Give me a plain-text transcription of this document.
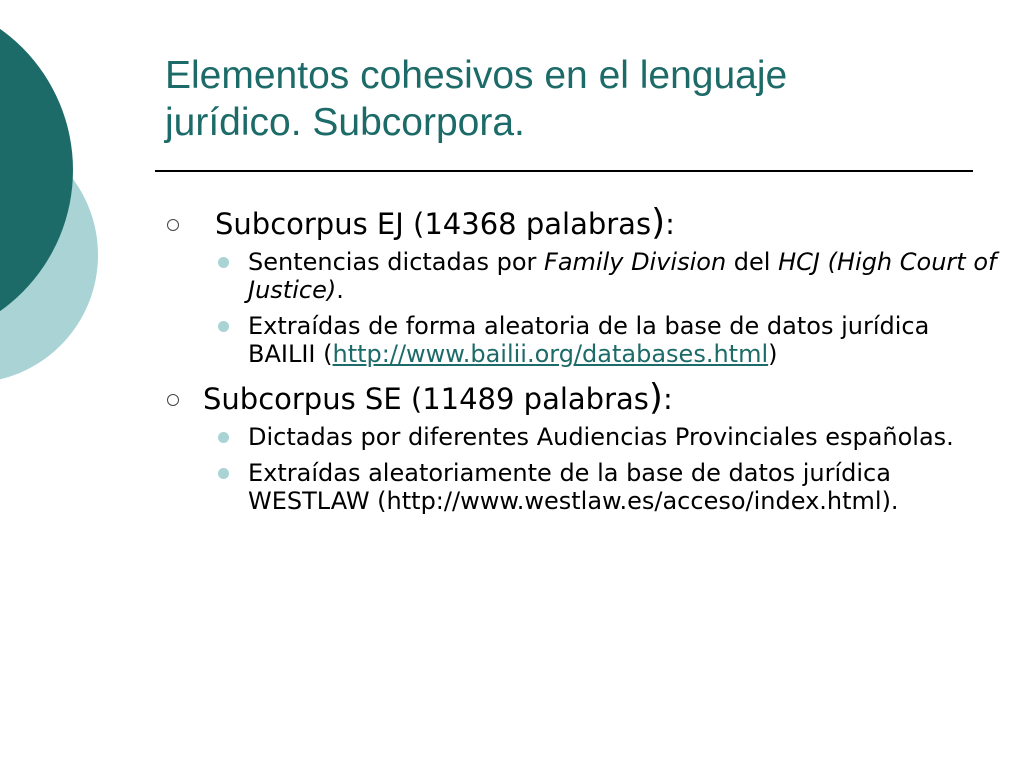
Elementos cohesivos en el lenguaje
jurídico. Subcorpora.
Subcorpus EJ (14368 palabras):
Sentencias dictadas por Family Division del HCJ (High Court of Justice).
Extraídas de forma aleatoria de la base de datos jurídica BAILII (http://www.bailii.org/databases.html)
Subcorpus SE (11489 palabras):
Dictadas por diferentes Audiencias Provinciales españolas.
Extraídas aleatoriamente de la base de datos jurídica WESTLAW (http://www.westlaw.es/acceso/index.html).
